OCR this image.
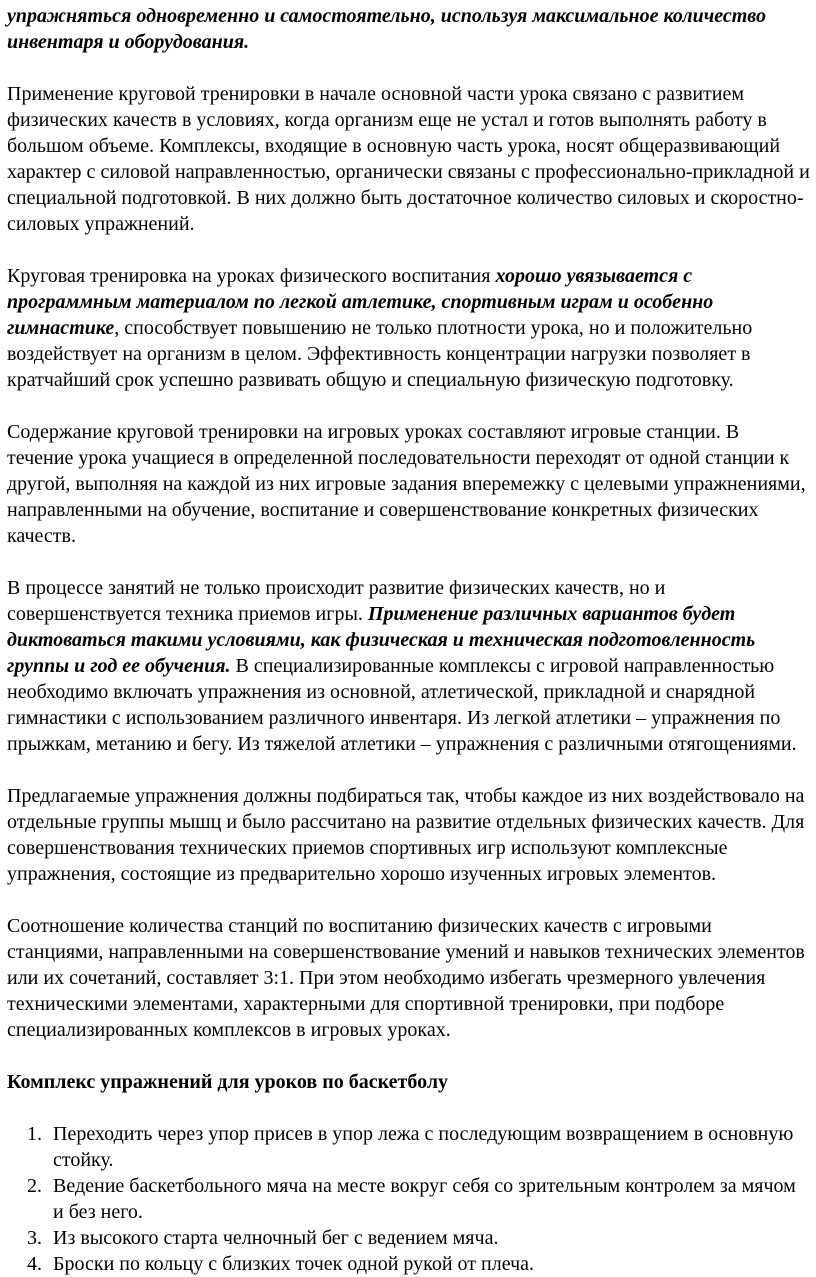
упражняться одновременно и самостоятельно, используя максимальное количество инвентаря и оборудования.

Применение круговой тренировки в начале основной части урока связано с развитием физических качеств в условиях, когда организм еще не устал и готов выполнять работу в большом объеме. Комплексы, входящие в основную часть урока, носят общеразвивающий характер с силовой направленностью, органически связаны с профессионально-прикладной и специальной подготовкой. В них должно быть достаточное количество силовых и скоростно-силовых упражнений.

Круговая тренировка на уроках физического воспитания хорошо увязывается с программным материалом по легкой атлетике, спортивным играм и особенно гимнастике, способствует повышению не только плотности урока, но и положительно воздействует на организм в целом. Эффективность концентрации нагрузки позволяет в кратчайший срок успешно развивать общую и специальную физическую подготовку.

Содержание круговой тренировки на игровых уроках составляют игровые станции. В течение урока учащиеся в определенной последовательности переходят от одной станции к другой, выполняя на каждой из них игровые задания вперемежку с целевыми упражнениями, направленными на обучение, воспитание и совершенствование конкретных физических качеств.

В процессе занятий не только происходит развитие физических качеств, но и совершенствуется техника приемов игры. Применение различных вариантов будет диктоваться такими условиями, как физическая и техническая подготовленность группы и год ее обучения. В специализированные комплексы с игровой направленностью необходимо включать упражнения из основной, атлетической, прикладной и снарядной гимнастики с использованием различного инвентаря. Из легкой атлетики – упражнения по прыжкам, метанию и бегу. Из тяжелой атлетики – упражнения с различными отягощениями.

Предлагаемые упражнения должны подбираться так, чтобы каждое из них воздействовало на отдельные группы мышц и было рассчитано на развитие отдельных физических качеств. Для совершенствования технических приемов спортивных игр используют комплексные упражнения, состоящие из предварительно хорошо изученных игровых элементов.

Соотношение количества станций по воспитанию физических качеств с игровыми станциями, направленными на совершенствование умений и навыков технических элементов или их сочетаний, составляет 3:1. При этом необходимо избегать чрезмерного увлечения техническими элементами, характерными для спортивной тренировки, при подборе специализированных комплексов в игровых уроках.

Комплекс упражнений для уроков по баскетболу
1. Переходить через упор присев в упор лежа с последующим возвращением в основную стойку.
2. Ведение баскетбольного мяча на месте вокруг себя со зрительным контролем за мячом и без него.
3. Из высокого старта челночный бег с ведением мяча.
4. Броски по кольцу с близких точек одной рукой от плеча.
